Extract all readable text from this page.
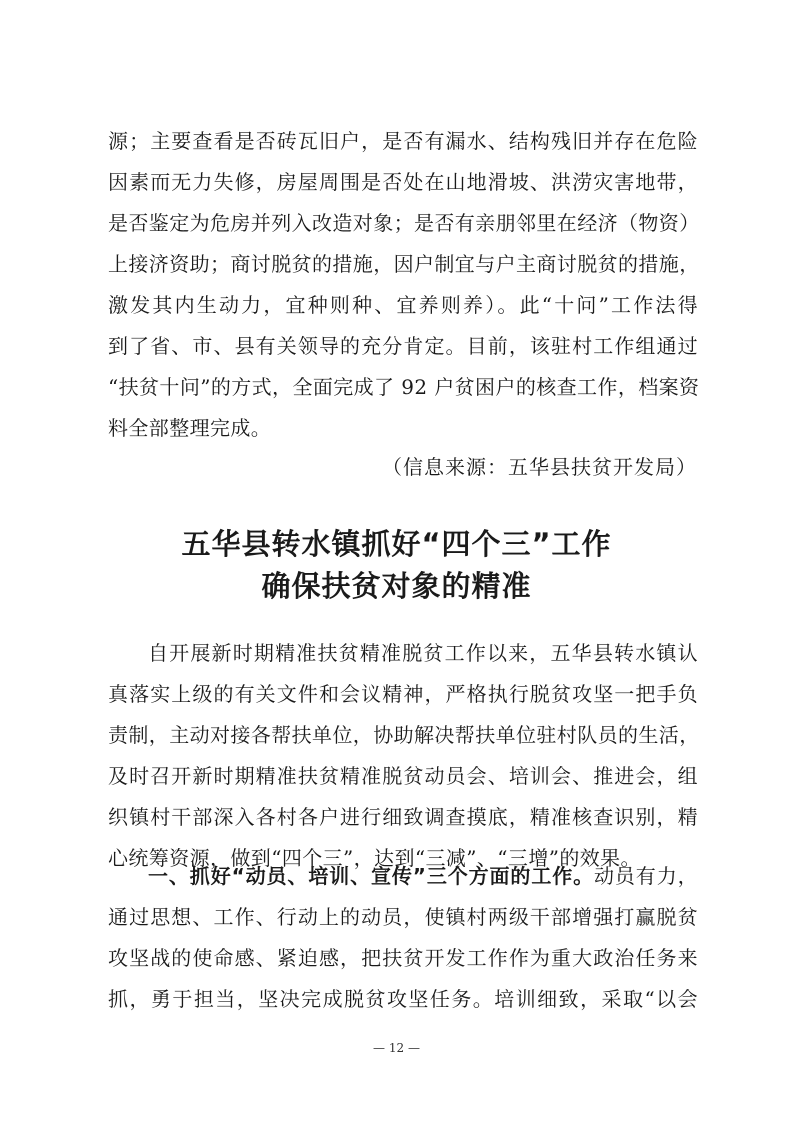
源；主要查看是否砖瓦旧户，是否有漏水、结构残旧并存在危险
因素而无力失修，房屋周围是否处在山地滑坡、洪涝灾害地带，
是否鉴定为危房并列入改造对象；是否有亲朋邻里在经济（物资）
上接济资助；商讨脱贫的措施，因户制宜与户主商讨脱贫的措施，
激发其内生动力，宜种则种、宜养则养）。此“十问”工作法得
到了省、市、县有关领导的充分肯定。目前，该驻村工作组通过
“扶贫十问”的方式，全面完成了 92 户贫困户的核查工作，档案资
料全部整理完成。
（信息来源：五华县扶贫开发局）
五华县转水镇抓好“四个三”工作
确保扶贫对象的精准
自开展新时期精准扶贫精准脱贫工作以来，五华县转水镇认
真落实上级的有关文件和会议精神，严格执行脱贫攻坚一把手负
责制，主动对接各帮扶单位，协助解决帮扶单位驻村队员的生活，
及时召开新时期精准扶贫精准脱贫动员会、培训会、推进会，组
织镇村干部深入各村各户进行细致调查摸底，精准核查识别，精
心统筹资源，做到“四个三”，达到“三减”、“三增”的效果。
一、抓好“动员、培训、宣传”三个方面的工作。动员有力，
通过思想、工作、行动上的动员，使镇村两级干部增强打赢脱贫
攻坚战的使命感、紧迫感，把扶贫开发工作作为重大政治任务来
抓，勇于担当，坚决完成脱贫攻坚任务。培训细致，采取“以会
— 12 —
